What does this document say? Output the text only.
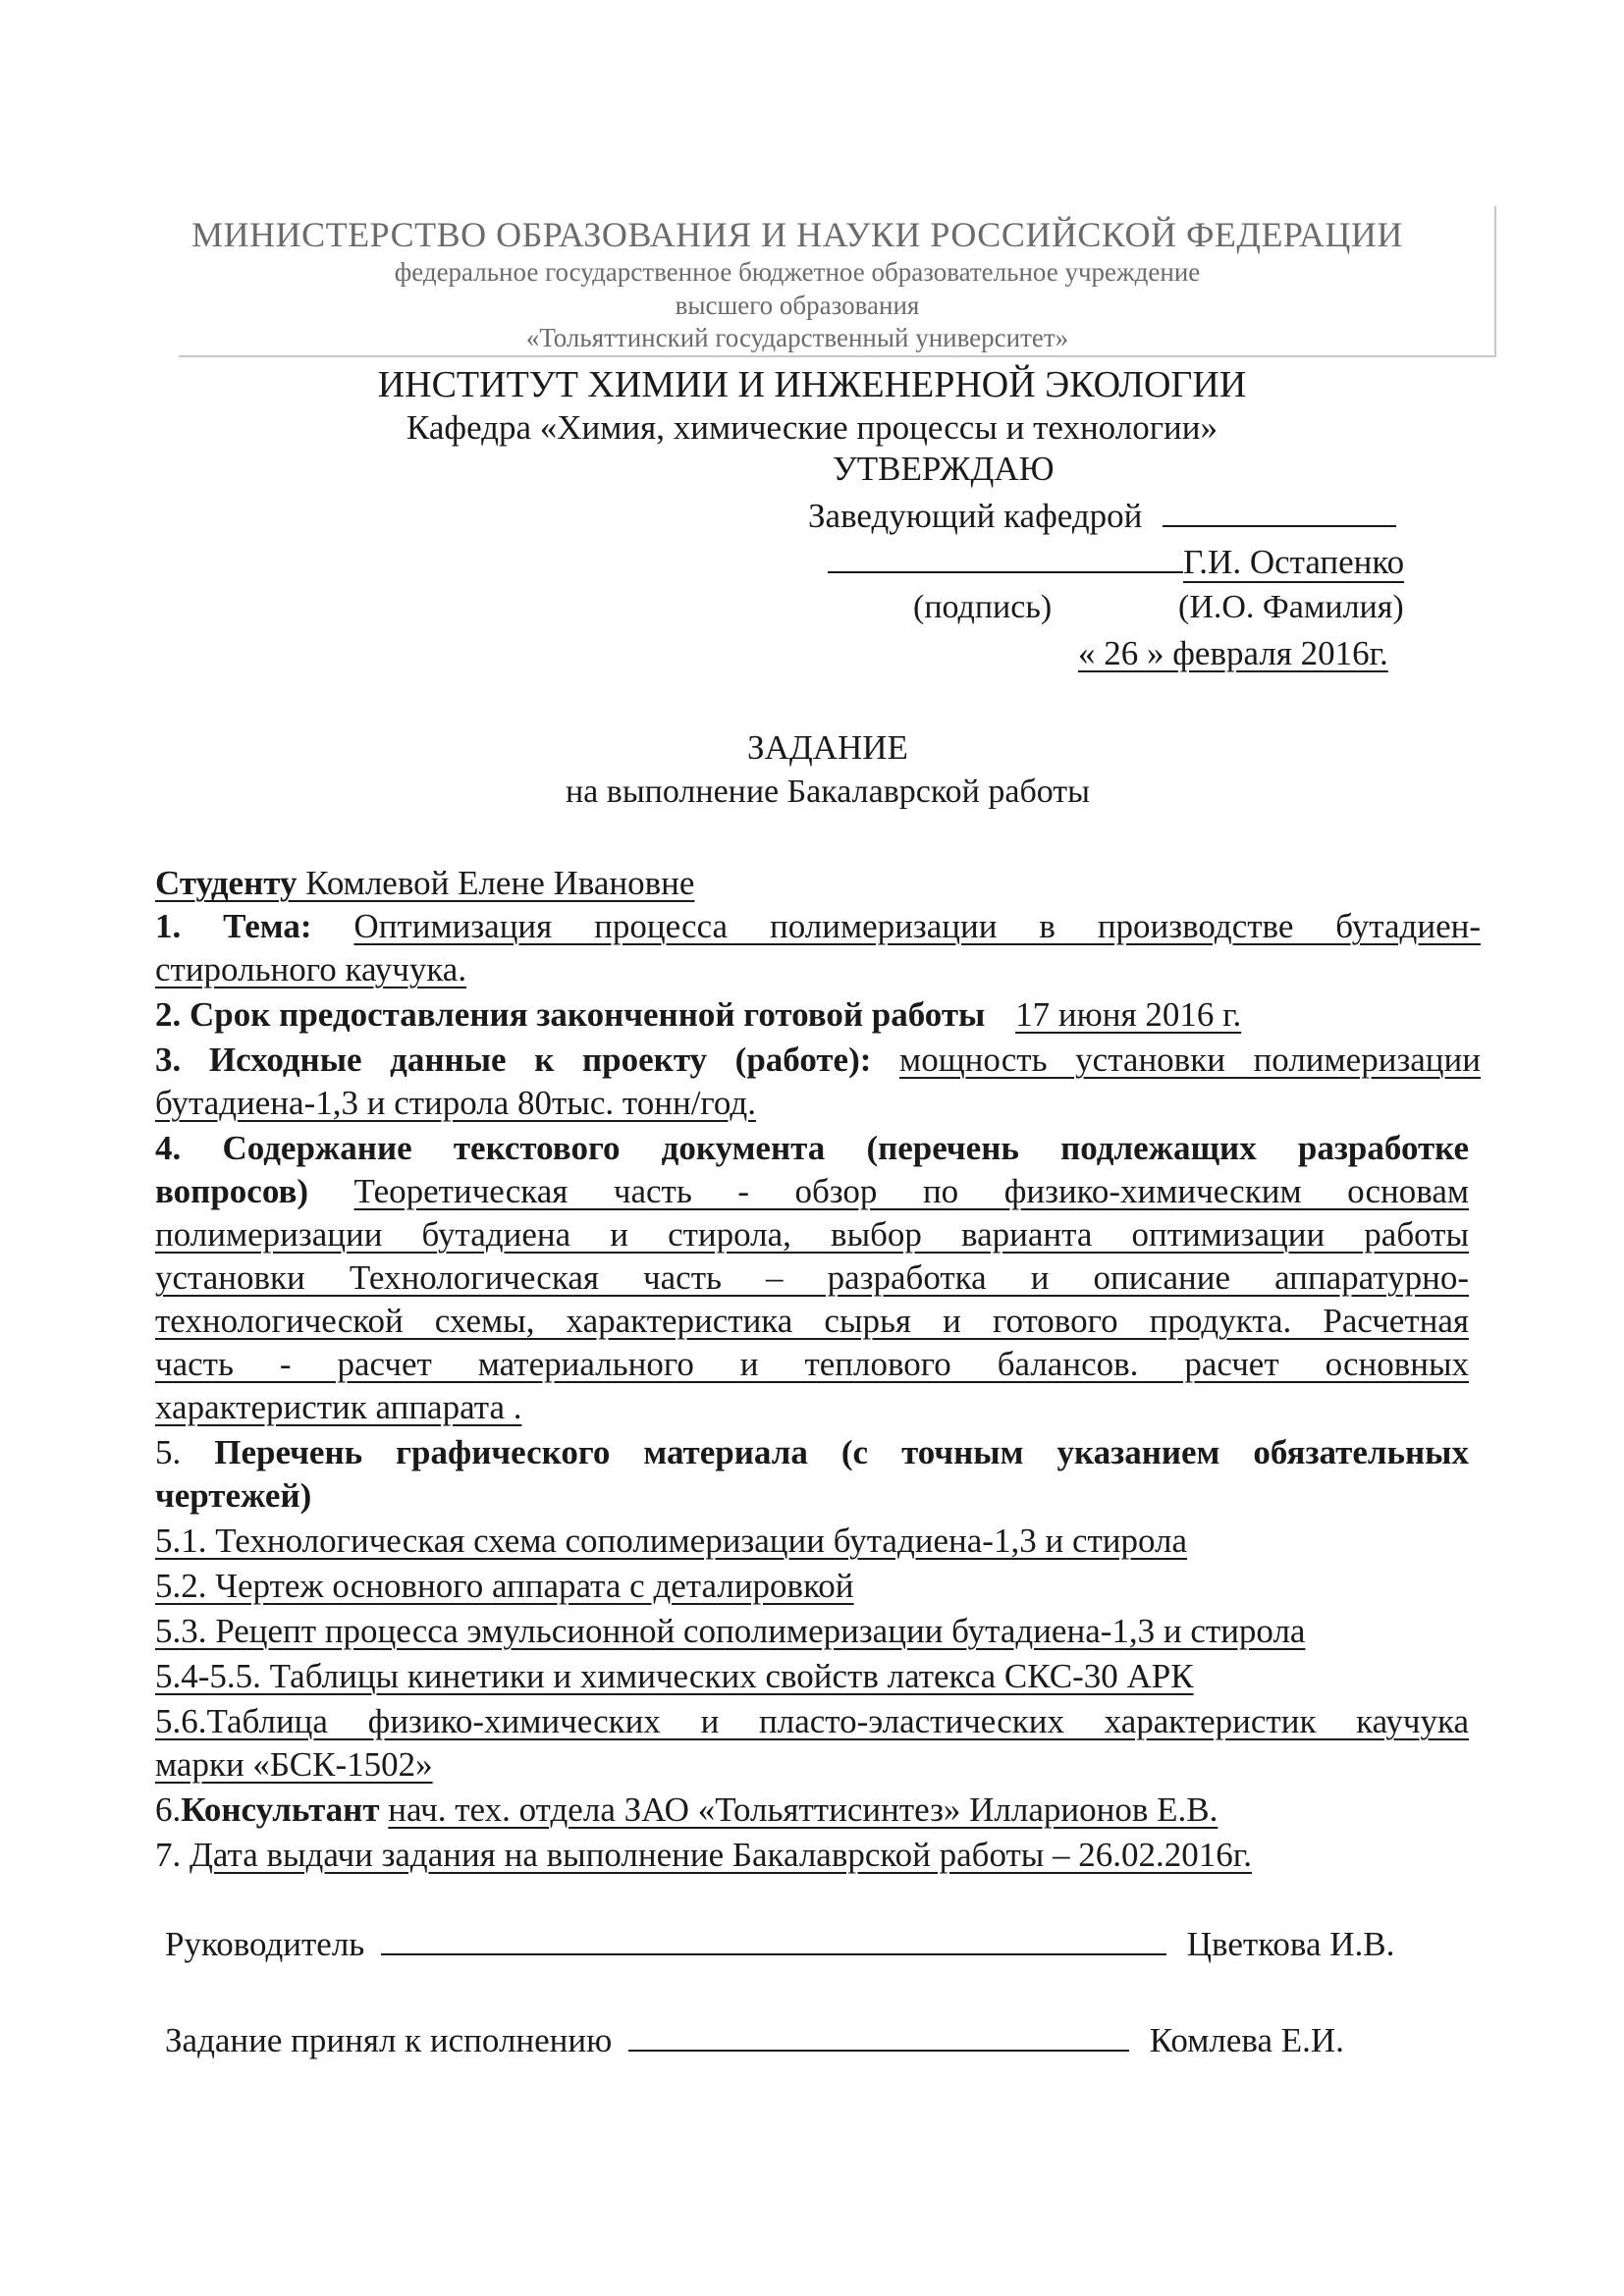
МИНИСТЕРСТВО ОБРАЗОВАНИЯ И НАУКИ РОССИЙСКОЙ ФЕДЕРАЦИИ
федеральное государственное бюджетное образовательное учреждение
высшего образования
«Тольяттинский государственный университет»
ИНСТИТУТ ХИМИИ И ИНЖЕНЕРНОЙ ЭКОЛОГИИ
Кафедра «Химия, химические процессы и технологии»
УТВЕРЖДАЮ
Заведующий кафедрой
Г.И. Остапенко
(подпись)	(И.О. Фамилия)
« 26 » февраля 2016г.
ЗАДАНИЕ
на выполнение Бакалаврской работы
Студенту Комлевой Елене Ивановне
1. Тема: Оптимизация процесса полимеризации в производстве бутадиен-
стирольного каучука.
2. Срок предоставления законченной готовой работы 17 июня 2016 г.
3. Исходные данные к проекту (работе): мощность установки полимеризации
бутадиена-1,3 и стирола 80тыс. тонн/год.
4. Содержание текстового документа (перечень подлежащих разработке
вопросов) Теоретическая часть - обзор по физико-химическим основам
полимеризации бутадиена и стирола, выбор варианта оптимизации работы
установки Технологическая часть – разработка и описание аппаратурно-
технологической схемы, характеристика сырья и готового продукта. Расчетная
часть - расчет материального и теплового балансов. расчет основных
характеристик аппарата .
5. Перечень графического материала (с точным указанием обязательных
чертежей)
5.1. Технологическая схема сополимеризации бутадиена-1,3 и стирола
5.2. Чертеж основного аппарата с деталировкой
5.3. Рецепт процесса эмульсионной сополимеризации бутадиена-1,3 и стирола
5.4-5.5. Таблицы кинетики и химических свойств латекса СКС-30 АРК
5.6.Таблица физико-химических и пласто-эластических характеристик каучука
марки «БСК-1502»
6.Консультант нач. тех. отдела ЗАО «Тольяттисинтез» Илларионов Е.В.
7. Дата выдачи задания на выполнение Бакалаврской работы – 26.02.2016г.
Руководитель	Цветкова И.В.
Задание принял к исполнению	Комлева Е.И.
